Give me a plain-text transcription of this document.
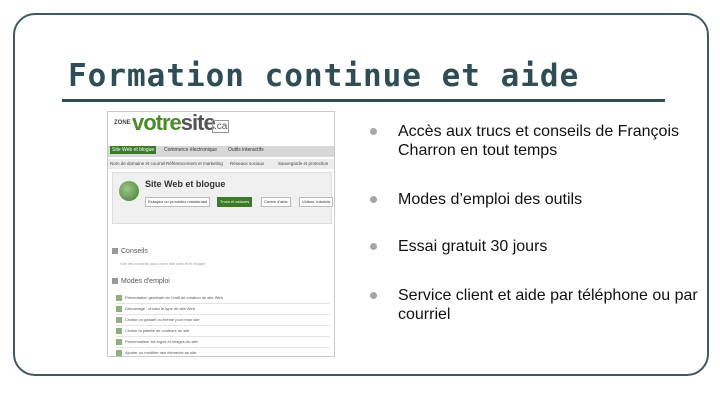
Formation continue et aide
ZONE votresite .ca
Site Web et blogue	Commerce électronique Outils interactifs
Nom de domaine et courriel Référencement et marketing Réseaux sociaux	Sauvegarde et protection
Site Web et blogue
Essayez ou procédez maintenant	Trucs et astuces	Centre d'aide	Vidéos, tutoriels
Conseils
Voir les conseils pour votre site web et le blogue
Modes d'emploi
Présentation générale de l'outil de création de site Web
Démarrage : choisir le type de site Web
Choisir un gabarit ou thème pour mon site
Choisir la palette de couleurs du site
Personnaliser les logos et images du site
Ajouter ou modifier des éléments au site
Accès aux trucs et conseils de François Charron en tout temps
Modes d’emploi des outils
Essai gratuit 30 jours
Service client et aide par téléphone ou par courriel
